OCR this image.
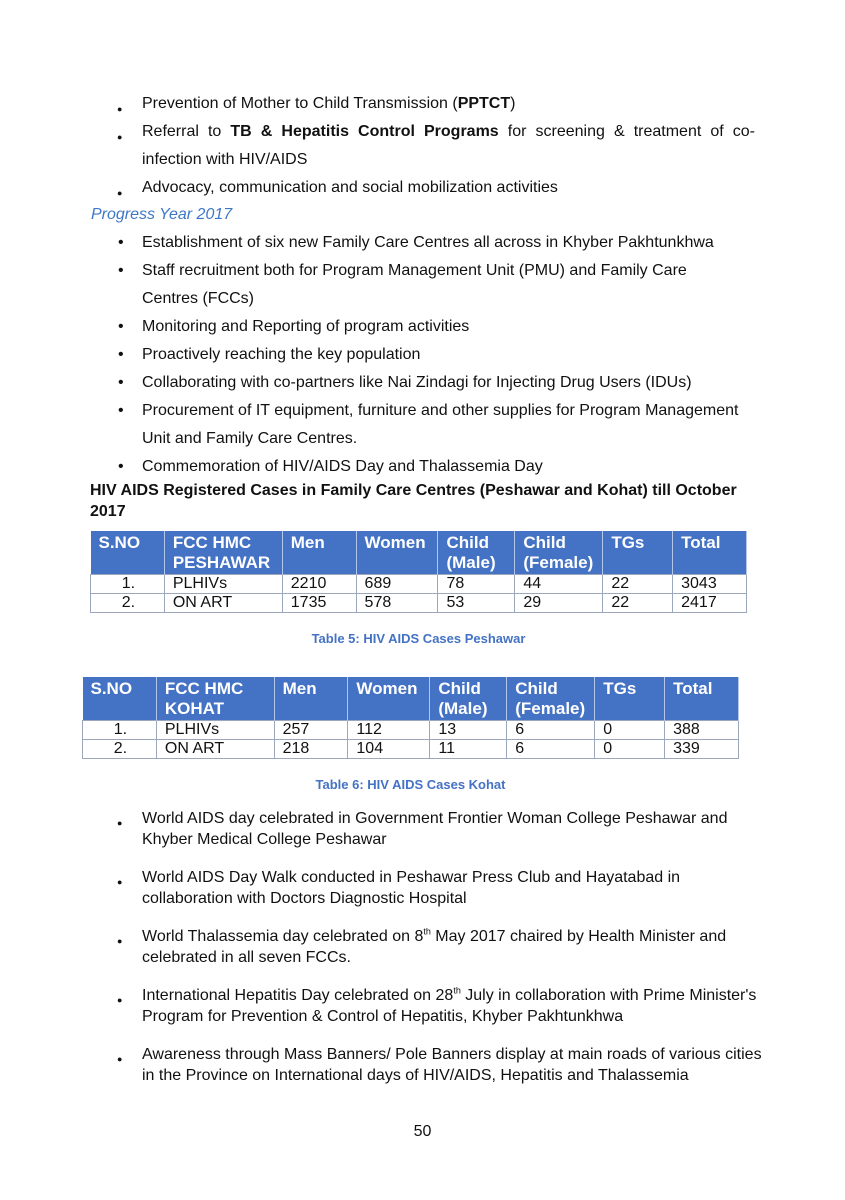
● Prevention of Mother to Child Transmission (PPTCT)
● Referral to TB & Hepatitis Control Programs for screening & treatment of co-infection with HIV/AIDS
● Advocacy, communication and social mobilization activities
Progress Year 2017
• Establishment of six new Family Care Centres all across in Khyber Pakhtunkhwa
• Staff recruitment both for Program Management Unit (PMU) and Family Care Centres (FCCs)
• Monitoring and Reporting of program activities
• Proactively reaching the key population
• Collaborating with co-partners like Nai Zindagi for Injecting Drug Users (IDUs)
• Procurement of IT equipment, furniture and other supplies for Program Management Unit and Family Care Centres.
• Commemoration of HIV/AIDS Day and Thalassemia Day
HIV AIDS Registered Cases in Family Care Centres (Peshawar and Kohat) till October 2017
S.NO	FCC HMC PESHAWAR	Men	Women	Child (Male)	Child (Female)	TGs	Total
1.	PLHIVs	2210	689	78	44	22	3043
2.	ON ART	1735	578	53	29	22	2417
Table 5: HIV AIDS Cases Peshawar
S.NO	FCC HMC KOHAT	Men	Women	Child (Male)	Child (Female)	TGs	Total
1.	PLHIVs	257	112	13	6	0	388
2.	ON ART	218	104	11	6	0	339
Table 6: HIV AIDS Cases Kohat
● World AIDS day celebrated in Government Frontier Woman College Peshawar and Khyber Medical College Peshawar
● World AIDS Day Walk conducted in Peshawar Press Club and Hayatabad in collaboration with Doctors Diagnostic Hospital
● World Thalassemia day celebrated on 8th May 2017 chaired by Health Minister and celebrated in all seven FCCs.
● International Hepatitis Day celebrated on 28th July in collaboration with Prime Minister's Program for Prevention & Control of Hepatitis, Khyber Pakhtunkhwa
● Awareness through Mass Banners/ Pole Banners display at main roads of various cities in the Province on International days of HIV/AIDS, Hepatitis and Thalassemia
50
